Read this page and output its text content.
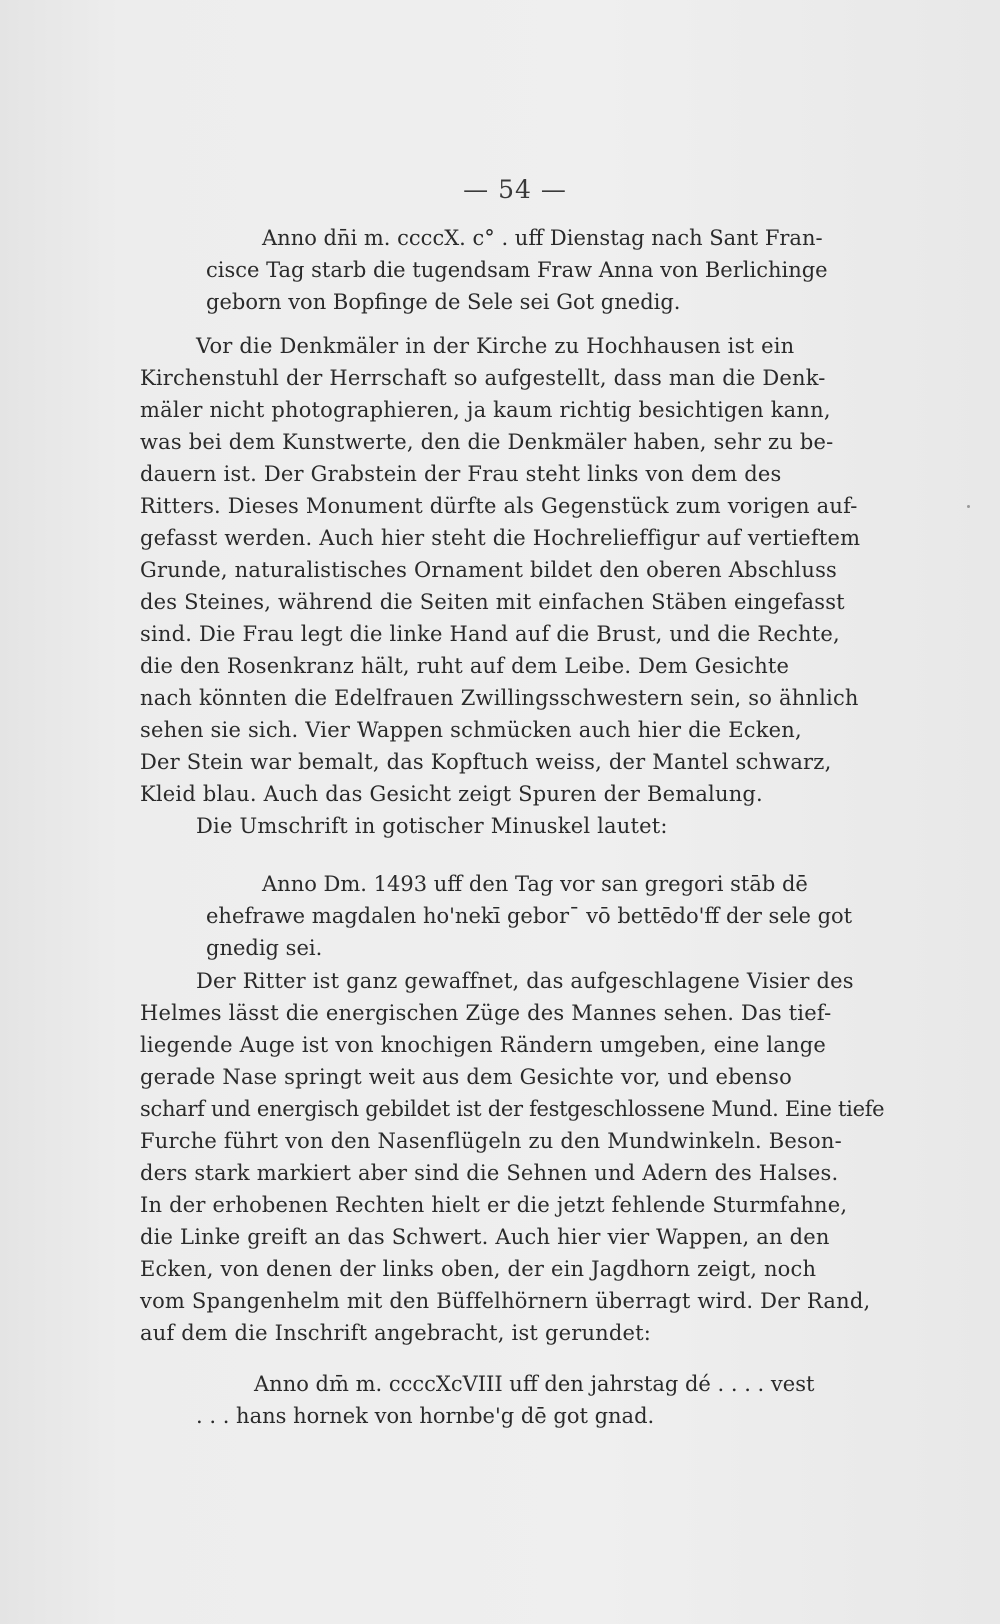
— 54 —

Anno dn̄i m. ccccX. c° . uff Dienstag nach Sant Fran-
cisce Tag starb die tugendsam Fraw Anna von Berlichinge
geborn von Bopfinge de Sele sei Got gnedig.

Vor die Denkmäler in der Kirche zu Hochhausen ist ein

Kirchenstuhl der Herrschaft so aufgestellt, dass man die Denk-
mäler nicht photographieren, ja kaum richtig besichtigen kann,
was bei dem Kunstwerte, den die Denkmäler haben, sehr zu be-
dauern ist. Der Grabstein der Frau steht links von dem des
Ritters. Dieses Monument dürfte als Gegenstück zum vorigen auf-
gefasst werden. Auch hier steht die Hochrelieffigur auf vertieftem
Grunde, naturalistisches Ornament bildet den oberen Abschluss
des Steines, während die Seiten mit einfachen Stäben eingefasst
sind. Die Frau legt die linke Hand auf die Brust, und die Rechte,
die den Rosenkranz hält, ruht auf dem Leibe. Dem Gesichte
nach könnten die Edelfrauen Zwillingsschwestern sein, so ähnlich
sehen sie sich. Vier Wappen schmücken auch hier die Ecken,
Der Stein war bemalt, das Kopftuch weiss, der Mantel schwarz,
Kleid blau. Auch das Gesicht zeigt Spuren der Bemalung.
Die Umschrift in gotischer Minuskel lautet:

Anno Dm. 1493 uff den Tag vor san gregori stāb dē

ehefrawe magdalen ho'nekī geborˉ vō bettēdo'ff der sele got
gnedig sei.

Der Ritter ist ganz gewaffnet, das aufgeschlagene Visier des

Helmes lässt die energischen Züge des Mannes sehen. Das tief-
liegende Auge ist von knochigen Rändern umgeben, eine lange
gerade Nase springt weit aus dem Gesichte vor, und ebenso
scharf und energisch gebildet ist der festgeschlossene Mund. Eine tiefe
Furche führt von den Nasenflügeln zu den Mundwinkeln. Beson-
ders stark markiert aber sind die Sehnen und Adern des Halses.
In der erhobenen Rechten hielt er die jetzt fehlende Sturmfahne,
die Linke greift an das Schwert. Auch hier vier Wappen, an den
Ecken, von denen der links oben, der ein Jagdhorn zeigt, noch
vom Spangenhelm mit den Büffelhörnern überragt wird. Der Rand,
auf dem die Inschrift angebracht, ist gerundet:
Anno dm̄ m. ccccXcVIII uff den jahrstag dé . . . . vest
. . . hans hornek von hornbe'g dē got gnad.
